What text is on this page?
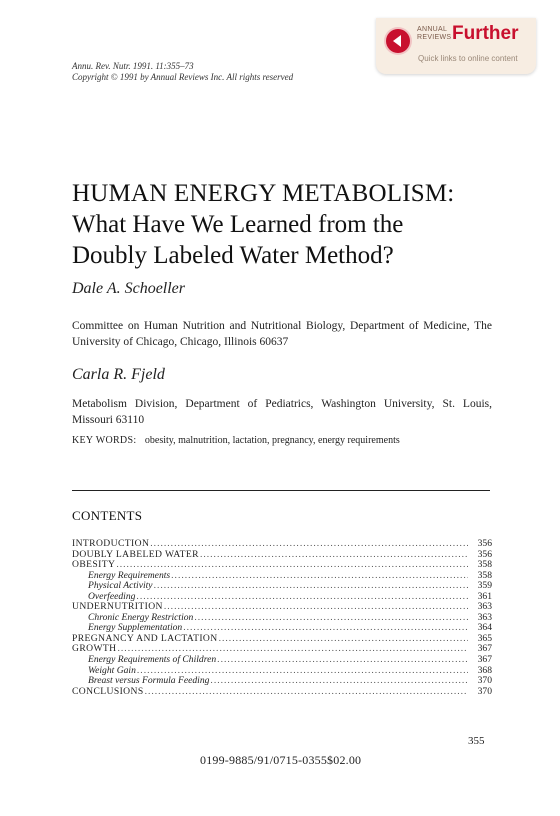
ANNUAL REVIEWS Further
Quick links to online content
Annu. Rev. Nutr. 1991. 11:355–73
Copyright © 1991 by Annual Reviews Inc. All rights reserved
HUMAN ENERGY METABOLISM:
What Have We Learned from the
Doubly Labeled Water Method?
Dale A. Schoeller
Committee on Human Nutrition and Nutritional Biology, Department of Medicine, The University of Chicago, Chicago, Illinois 60637
Carla R. Fjeld
Metabolism Division, Department of Pediatrics, Washington University, St. Louis, Missouri 63110
KEY WORDS: obesity, malnutrition, lactation, pregnancy, energy requirements
CONTENTS
INTRODUCTION .....	356
DOUBLY LABELED WATER .....	356
OBESITY .....	358
Energy Requirements .....	358
Physical Activity .....	359
Overfeeding .....	361
UNDERNUTRITION .....	363
Chronic Energy Restriction .....	363
Energy Supplementation .....	364
PREGNANCY AND LACTATION .....	365
GROWTH .....	367
Energy Requirements of Children .....	367
Weight Gain .....	368
Breast versus Formula Feeding .....	370
CONCLUSIONS .....	370
355
0199-9885/91/0715-0355$02.00
